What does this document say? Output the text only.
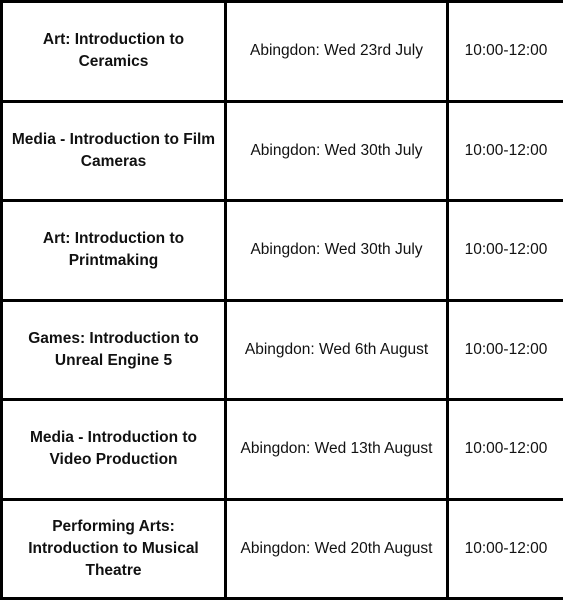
Art: Introduction to Ceramics	Abingdon: Wed 23rd July	10:00-12:00
Media - Introduction to Film Cameras	Abingdon: Wed 30th July	10:00-12:00
Art: Introduction to Printmaking	Abingdon: Wed 30th July	10:00-12:00
Games: Introduction to Unreal Engine 5	Abingdon: Wed 6th August	10:00-12:00
Media - Introduction to Video Production	Abingdon: Wed 13th August	10:00-12:00
Performing Arts: Introduction to Musical Theatre	Abingdon: Wed 20th August	10:00-12:00
